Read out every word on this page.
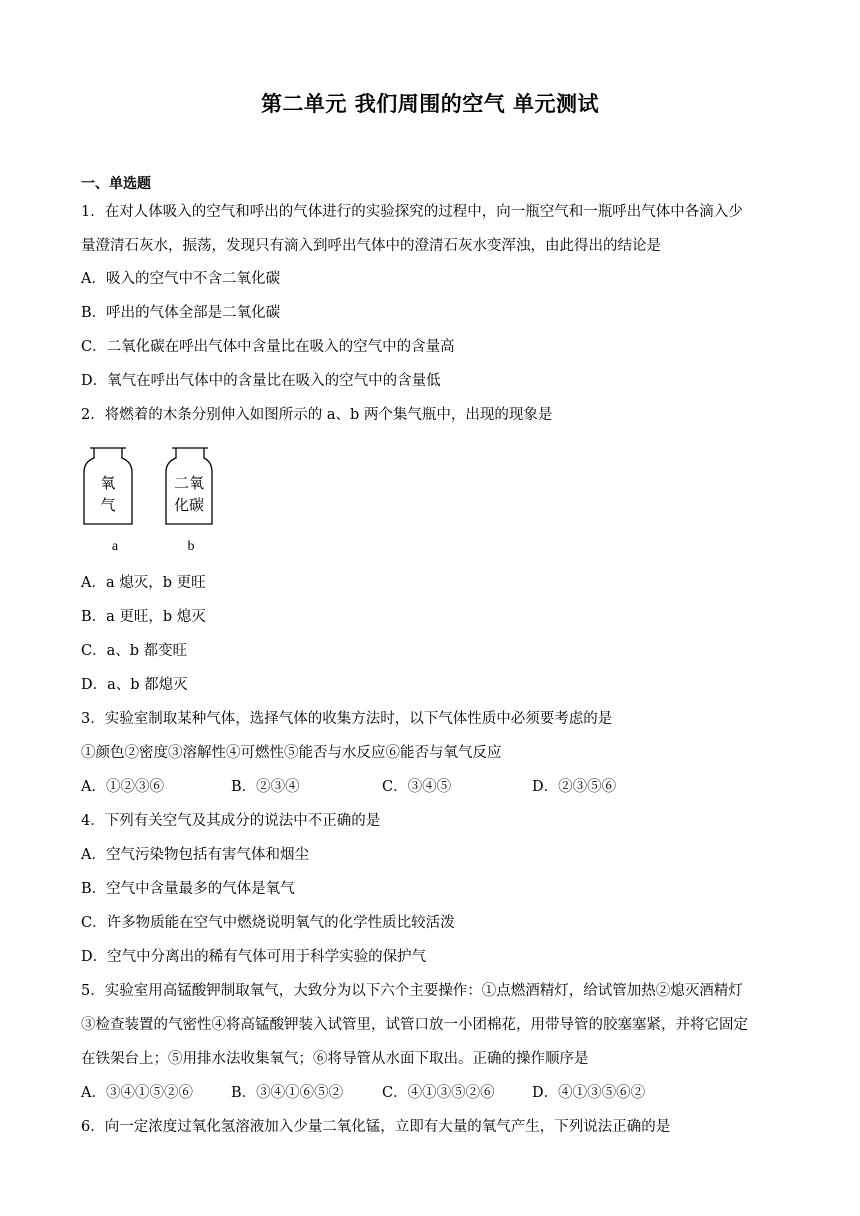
第二单元 我们周围的空气 单元测试
一、单选题
1．在对人体吸入的空气和呼出的气体进行的实验探究的过程中，向一瓶空气和一瓶呼出气体中各滴入少
量澄清石灰水，振荡，发现只有滴入到呼出气体中的澄清石灰水变浑浊，由此得出的结论是
A．吸入的空气中不含二氧化碳
B．呼出的气体全部是二氧化碳
C．二氧化碳在呼出气体中含量比在吸入的空气中的含量高
D．氧气在呼出气体中的含量比在吸入的空气中的含量低
2．将燃着的木条分别伸入如图所示的 a、b 两个集气瓶中，出现的现象是
氧
气
a
二氧
化碳
b
A．a 熄灭，b 更旺
B．a 更旺，b 熄灭
C．a、b 都变旺
D．a、b 都熄灭
3．实验室制取某种气体，选择气体的收集方法时，以下气体性质中必须要考虑的是
①颜色②密度③溶解性④可燃性⑤能否与水反应⑥能否与氧气反应
A．①②③⑥	B．②③④	C．③④⑤	D．②③⑤⑥
4．下列有关空气及其成分的说法中不正确的是
A．空气污染物包括有害气体和烟尘
B．空气中含量最多的气体是氧气
C．许多物质能在空气中燃烧说明氧气的化学性质比较活泼
D．空气中分离出的稀有气体可用于科学实验的保护气
5．实验室用高锰酸钾制取氧气，大致分为以下六个主要操作：①点燃酒精灯，给试管加热②熄灭酒精灯
③检查装置的气密性④将高锰酸钾装入试管里，试管口放一小团棉花，用带导管的胶塞塞紧，并将它固定
在铁架台上；⑤用排水法收集氧气；⑥将导管从水面下取出。正确的操作顺序是
A．③④①⑤②⑥	B．③④①⑥⑤②	C．④①③⑤②⑥	D．④①③⑤⑥②
6．向一定浓度过氧化氢溶液加入少量二氧化锰，立即有大量的氧气产生，下列说法正确的是
